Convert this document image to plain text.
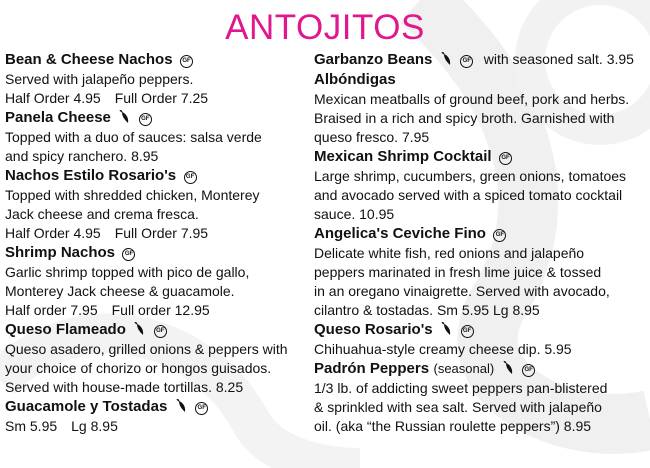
ANTOJITOS
Bean & Cheese Nachos GF
Served with jalapeño peppers.
Half Order 4.95 Full Order 7.25
Panela Cheese	GF
Topped with a duo of sauces: salsa verde
and spicy ranchero. 8.95
Nachos Estilo Rosario's GF
Topped with shredded chicken, Monterey
Jack cheese and crema fresca.
Half Order 4.95 Full Order 7.95
Shrimp Nachos GF
Garlic shrimp topped with pico de gallo,
Monterey Jack cheese & guacamole.
Half order 7.95 Full order 12.95
Queso Flameado	GF
Queso asadero, grilled onions & peppers with
your choice of chorizo or hongos guisados.
Served with house-made tortillas. 8.25
Guacamole y Tostadas	GF
Sm 5.95 Lg 8.95
Garbanzo Beans	GF with seasoned salt. 3.95
Albóndigas
Mexican meatballs of ground beef, pork and herbs.
Braised in a rich and spicy broth. Garnished with
queso fresco. 7.95
Mexican Shrimp Cocktail GF
Large shrimp, cucumbers, green onions, tomatoes
and avocado served with a spiced tomato cocktail
sauce. 10.95
Angelica's Ceviche Fino GF
Delicate white fish, red onions and jalapeño
peppers marinated in fresh lime juice & tossed
in an oregano vinaigrette. Served with avocado,
cilantro & tostadas. Sm 5.95 Lg 8.95
Queso Rosario's	GF
Chihuahua-style creamy cheese dip. 5.95
Padrón Peppers (seasonal)	GF
1/3 lb. of addicting sweet peppers pan-blistered
& sprinkled with sea salt. Served with jalapeño
oil. (aka “the Russian roulette peppers”) 8.95
